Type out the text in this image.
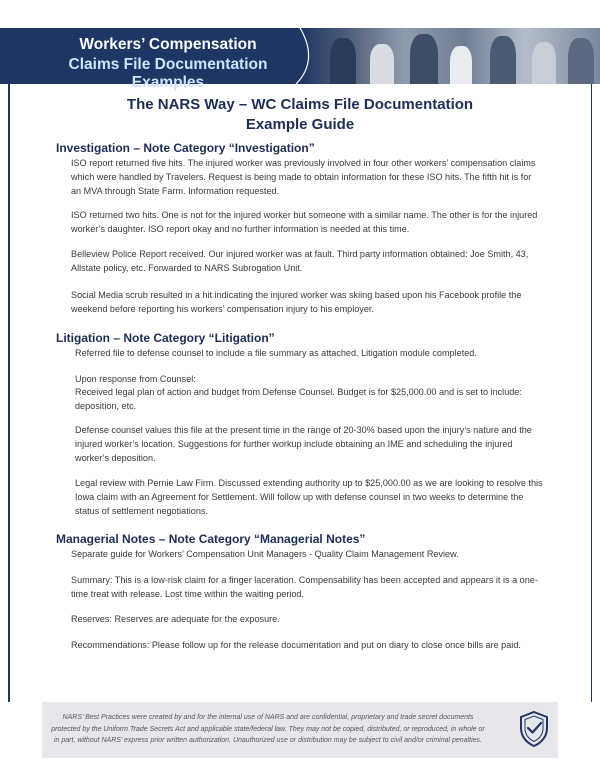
Workers’ Compensation
Claims File Documentation Examples
The NARS Way – WC Claims File Documentation
Example Guide
Investigation – Note Category “Investigation”
ISO report returned five hits. The injured worker was previously involved in four other workers’ compensation claims which were handled by Travelers. Request is being made to obtain information for these ISO hits. The fifth hit is for an MVA through State Farm. Information requested.
ISO returned two hits. One is not for the injured worker but someone with a similar name. The other is for the injured worker’s daughter. ISO report okay and no further information is needed at this time.
Belleview Police Report received. Our injured worker was at fault. Third party information obtained: Joe Smith, 43, Allstate policy, etc. Forwarded to NARS Subrogation Unit.
Social Media scrub resulted in a hit indicating the injured worker was skiing based upon his Facebook profile the weekend before reporting his workers’ compensation injury to his employer.
Litigation – Note Category “Litigation”
Referred file to defense counsel to include a file summary as attached. Litigation module completed.
Upon response from Counsel:
Received legal plan of action and budget from Defense Counsel. Budget is for $25,000.00 and is set to include: deposition, etc.
Defense counsel values this file at the present time in the range of 20-30% based upon the injury’s nature and the injured worker’s location. Suggestions for further workup include obtaining an IME and scheduling the injured worker’s deposition.
Legal review with Pernie Law Firm. Discussed extending authority up to $25,000.00 as we are looking to resolve this Iowa claim with an Agreement for Settlement. Will follow up with defense counsel in two weeks to determine the status of settlement negotiations.
Managerial Notes – Note Category “Managerial Notes”
Separate guide for Workers’ Compensation Unit Managers - Quality Claim Management Review.
Summary: This is a low-risk claim for a finger laceration. Compensability has been accepted and appears it is a one-time treat with release. Lost time within the waiting period.
Reserves: Reserves are adequate for the exposure.
Recommendations: Please follow up for the release documentation and put on diary to close once bills are paid.
NARS’ Best Practices were created by and for the internal use of NARS and are confidential, proprietary and trade secret documents protected by the Uniform Trade Secrets Act and applicable state/federal law. They may not be copied, distributed, or reproduced, in whole or in part, without NARS’ express prior written authorization. Unauthorized use or distribution may be subject to civil and/or criminal penalties.
